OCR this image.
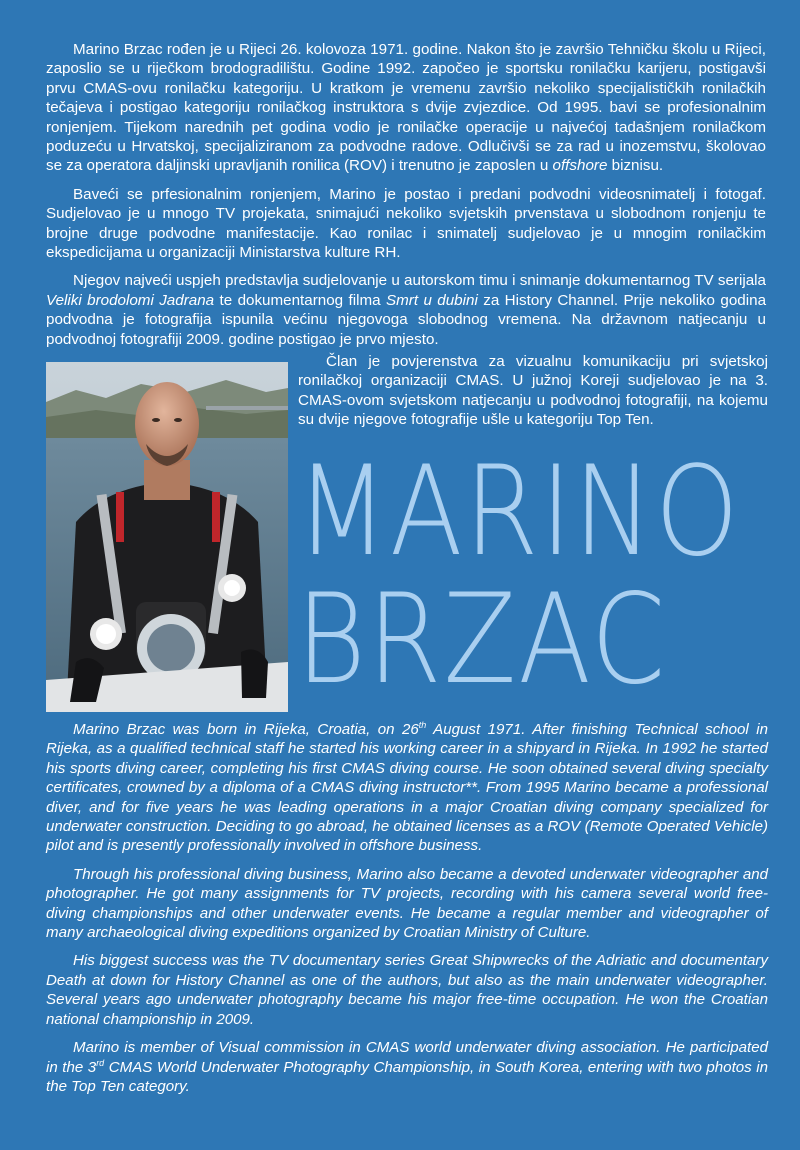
Marino Brzac rođen je u Rijeci 26. kolovoza 1971. godine. Nakon što je završio Tehničku školu u Rijeci, zaposlio se u riječkom brodogradilištu. Godine 1992. započeo je sportsku ronilačku karijeru, postigavši prvu CMAS-ovu ronilačku kategoriju. U kratkom je vremenu završio nekoliko specijalističkih ronilačkih tečajeva i postigao kategoriju ronilačkog instruktora s dvije zvjezdice. Od 1995. bavi se profesionalnim ronjenjem. Tijekom narednih pet godina vodio je ronilačke operacije u najvećoj tadašnjem ronilačkom poduzeću u Hrvatskoj, specijaliziranom za podvodne radove. Odlučivši se za rad u inozemstvu, školovao se za operatora daljinski upravljanih ronilica (ROV) i trenutno je zaposlen u offshore biznisu.

Baveći se prfesionalnim ronjenjem, Marino je postao i predani podvodni videosnimatelj i fotogaf. Sudjelovao je u mnogo TV projekata, snimajući nekoliko svjetskih prvenstava u slobodnom ronjenju te brojne druge podvodne manifestacije. Kao ronilac i snimatelj sudjelovao je u mnogim ronilačkim ekspedicijama u organizaciji Ministarstva kulture RH.

Njegov najveći uspjeh predstavlja sudjelovanje u autorskom timu i snimanje dokumentarnog TV serijala Veliki brodolomi Jadrana te dokumentarnog filma Smrt u dubini za History Channel. Prije nekoliko godina podvodna je fotografija ispunila većinu njegovoga slobodnog vremena. Na državnom natjecanju u podvodnoj fotografiji 2009. godine postigao je prvo mjesto.

Član je povjerenstva za vizualnu komunikaciju pri svjetskoj ronilačkoj organizaciji CMAS. U južnoj Koreji sudjelovao je na 3. CMAS-ovom svjetskom natjecanju u podvodnoj fotografiji, na kojemu su dvije njegove fotografije ušle u kategoriju Top Ten.

MARINO
BRZAC

Marino Brzac was born in Rijeka, Croatia, on 26th August 1971. After finishing Technical school in Rijeka, as a qualified technical staff he started his working career in a shipyard in Rijeka. In 1992 he started his sports diving career, completing his first CMAS diving course. He soon obtained several diving specialty certificates, crowned by a diploma of a CMAS diving instructor**. From 1995 Marino became a professional diver, and for five years he was leading operations in a major Croatian diving company specialized for underwater construction. Deciding to go abroad, he obtained licenses as a ROV (Remote Operated Vehicle) pilot and is presently professionally involved in offshore business.

Through his professional diving business, Marino also became a devoted underwater videographer and photographer. He got many assignments for TV projects, recording with his camera several world free-diving championships and other underwater events. He became a regular member and videographer of many archaeological diving expeditions organized by Croatian Ministry of Culture.

His biggest success was the TV documentary series Great Shipwrecks of the Adriatic and documentary Death at down for History Channel as one of the authors, but also as the main underwater videographer. Several years ago underwater photography became his major free-time occupation. He won the Croatian national championship in 2009.

Marino is member of Visual commission in CMAS world underwater diving association. He participated in the 3rd CMAS World Underwater Photography Championship, in South Korea, entering with two photos in the Top Ten category.
